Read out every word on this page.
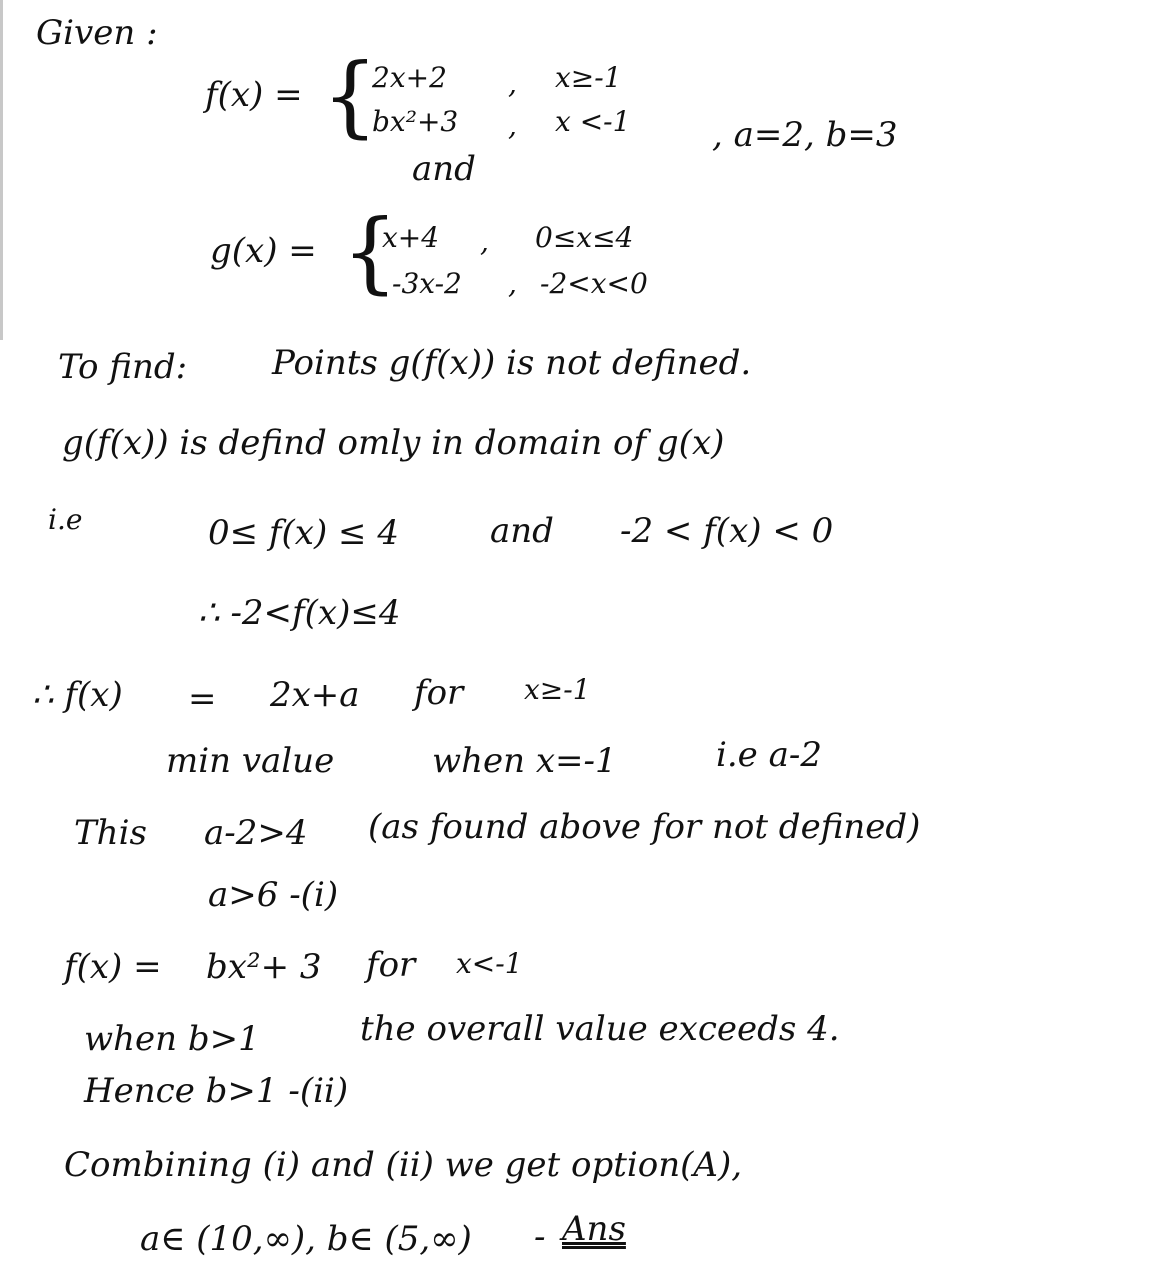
Given :
f(x) = {
2x+2 , x≥-1
bx²+3 , x <-1 , a=2, b=3
and
g(x) = {
x+4 , 0≤x≤4
-3x-2 , -2<x<0
To find: Points g(f(x)) is not defined.
g(f(x)) is defind omly in domain of g(x)
i.e	0≤ f(x) ≤ 4	and -2 < f(x) < 0
∴ -2<f(x)≤4
∴ f(x) = 2x+a for x≥-1
min value	when x=-1	i.e a-2
This a-2>4 (as found above for not defined)
a>6 -(i)
f(x) = bx²+ 3 for x<-1
when b>1	the overall value exceeds 4.
Hence b>1 -(ii)
Combining (i) and (ii) we get option(A),
a∈ (10,∞), b∈ (5,∞) - Ans
